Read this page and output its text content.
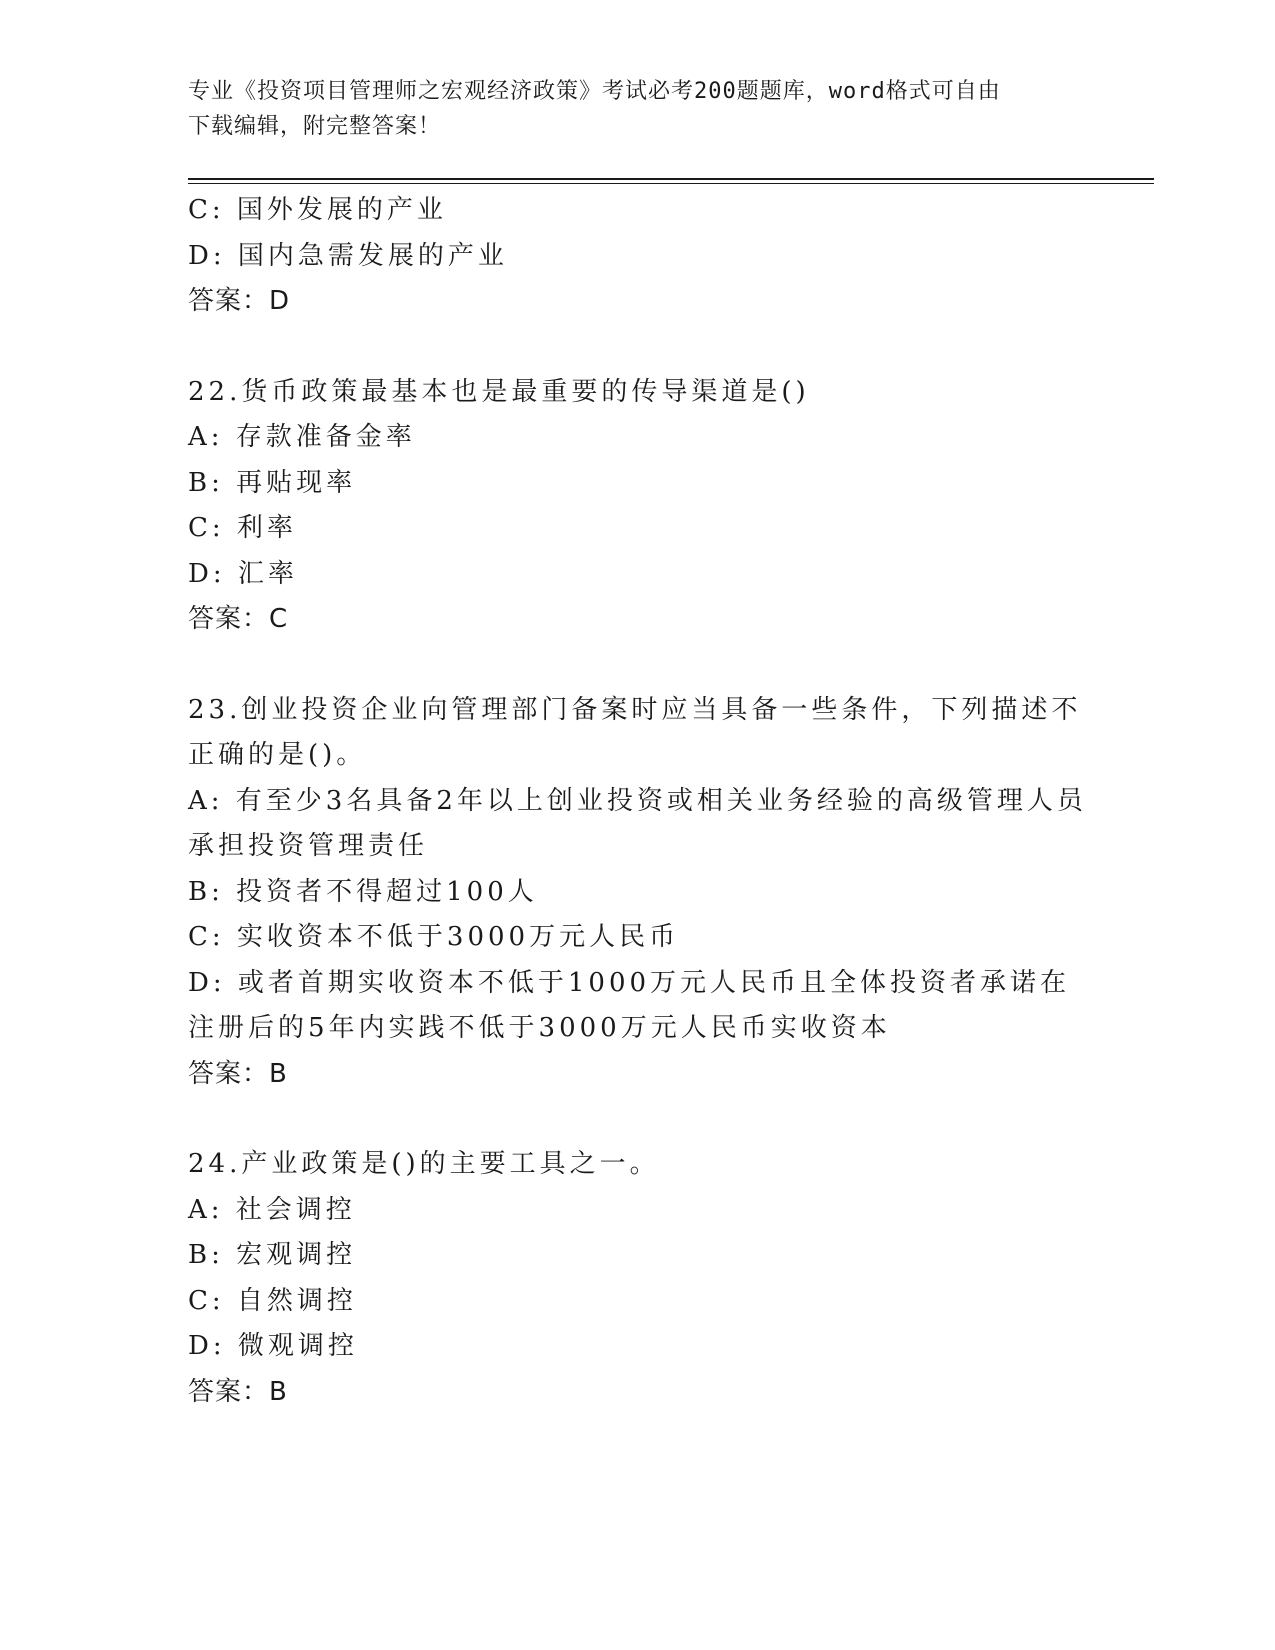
专业《投资项目管理师之宏观经济政策》考试必考200题题库，word格式可自由
下载编辑，附完整答案！
C: 国外发展的产业
D: 国内急需发展的产业
答案：D
22.货币政策最基本也是最重要的传导渠道是()
A: 存款准备金率
B: 再贴现率
C: 利率
D: 汇率
答案：C
23.创业投资企业向管理部门备案时应当具备一些条件，下列描述不正确的是()。
A: 有至少3名具备2年以上创业投资或相关业务经验的高级管理人员承担投资管理责任
B: 投资者不得超过100人
C: 实收资本不低于3000万元人民币
D: 或者首期实收资本不低于1000万元人民币且全体投资者承诺在注册后的5年内实践不低于3000万元人民币实收资本
答案：B
24.产业政策是()的主要工具之一。
A: 社会调控
B: 宏观调控
C: 自然调控
D: 微观调控
答案：B
